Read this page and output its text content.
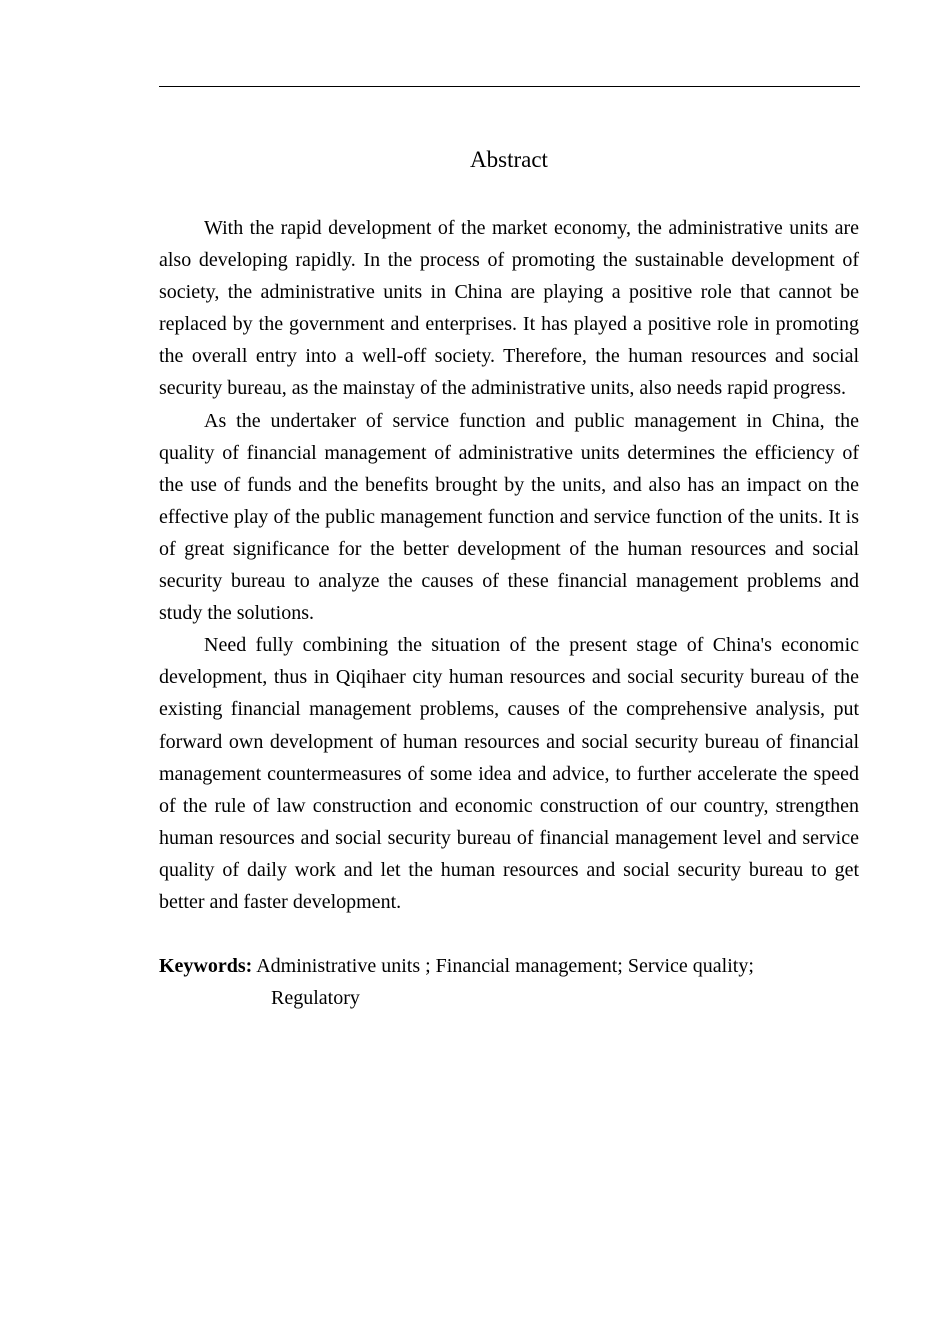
Abstract

With the rapid development of the market economy, the administrative units are also developing rapidly. In the process of promoting the sustainable development of society, the administrative units in China are playing a positive role that cannot be replaced by the government and enterprises. It has played a positive role in promoting the overall entry into a well-off society. Therefore, the human resources and social security bureau, as the mainstay of the administrative units, also needs rapid progress.

As the undertaker of service function and public management in China, the quality of financial management of administrative units determines the efficiency of the use of funds and the benefits brought by the units, and also has an impact on the effective play of the public management function and service function of the units. It is of great significance for the better development of the human resources and social security bureau to analyze the causes of these financial management problems and study the solutions.

Need fully combining the situation of the present stage of China's economic development, thus in Qiqihaer city human resources and social security bureau of the existing financial management problems, causes of the comprehensive analysis, put forward own development of human resources and social security bureau of financial management countermeasures of some idea and advice, to further accelerate the speed of the rule of law construction and economic construction of our country, strengthen human resources and social security bureau of financial management level and service quality of daily work and let the human resources and social security bureau to get better and faster development.

Keywords: Administrative units ; Financial management; Service quality;
Regulatory
